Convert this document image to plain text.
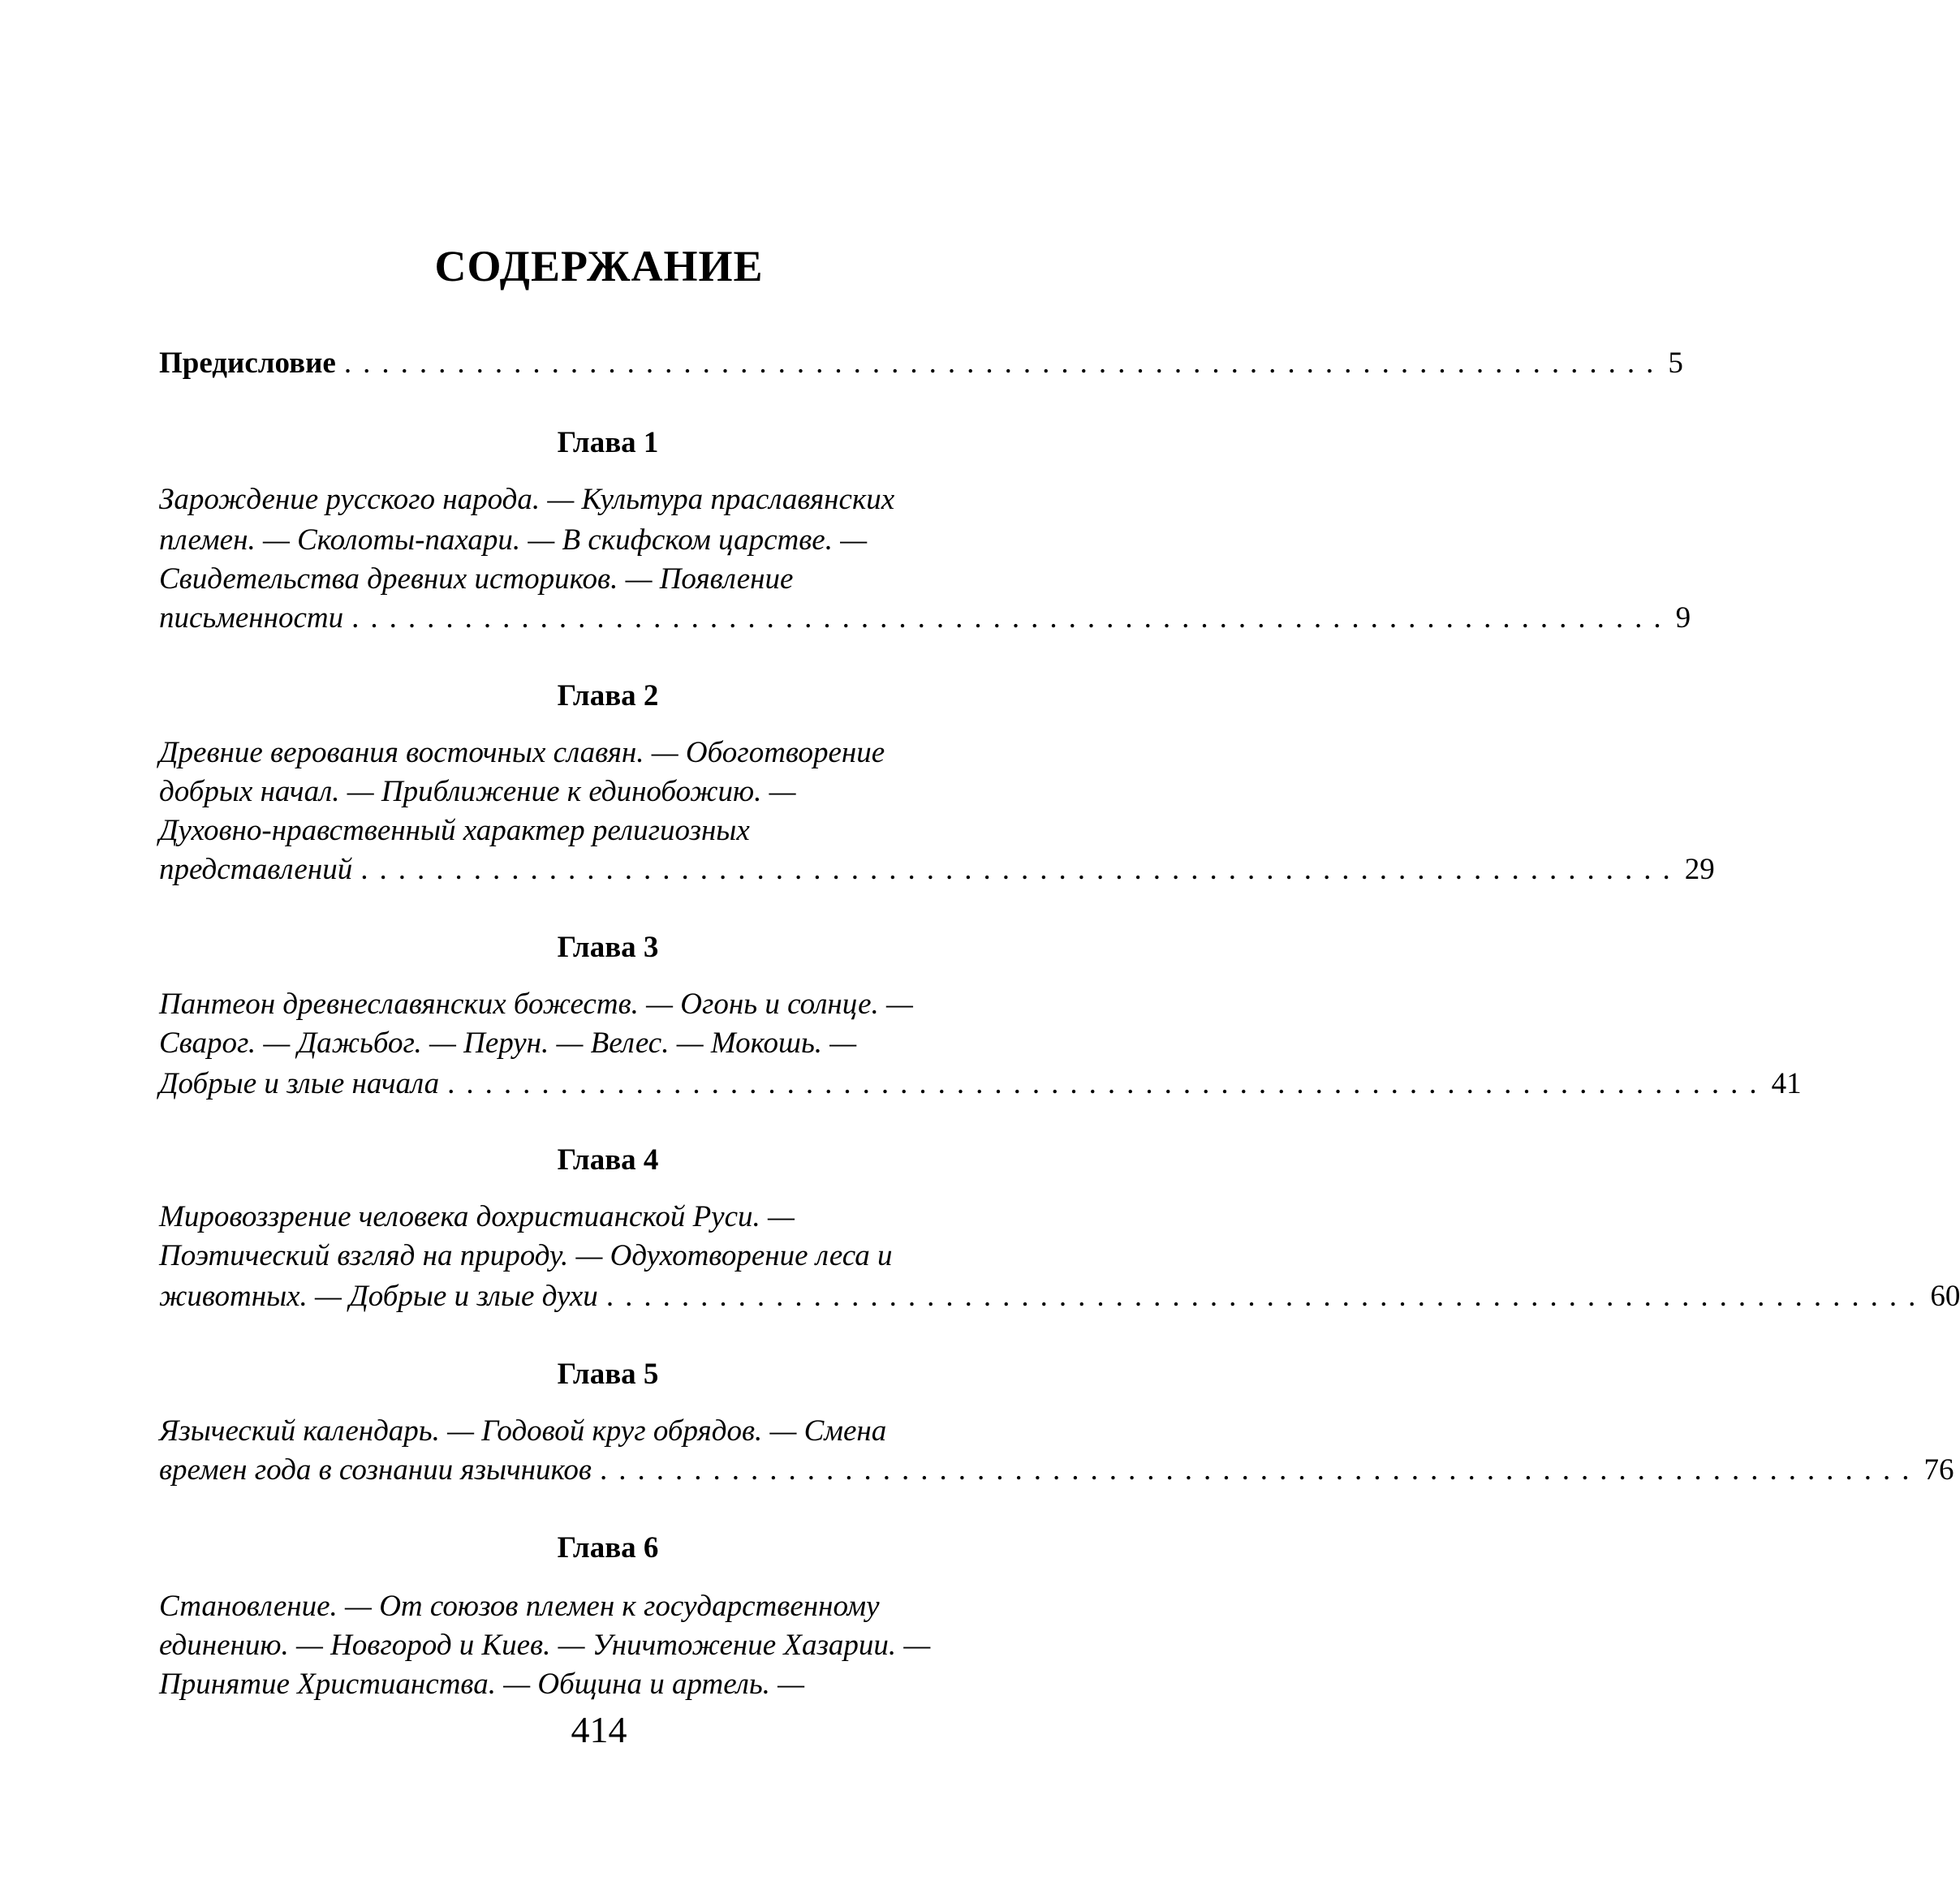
СОДЕРЖАНИЕ
Предисловие ...................................................................... 5
Глава 1
Зарождение русского народа. — Культура праславянских
племен. — Сколоты-пахари. — В скифском царстве. —
Свидетельства древних историков. — Появление
письменности ...................................................................... 9
Глава 2
Древние верования восточных славян. — Обоготворение
добрых начал. — Приближение к единобожию. —
Духовно-нравственный характер религиозных
представлений ...................................................................... 29
Глава 3
Пантеон древнеславянских божеств. — Огонь и солнце. —
Сварог. — Дажьбог. — Перун. — Велес. — Мокошь. —
Добрые и злые начала ...................................................................... 41
Глава 4
Мировоззрение человека дохристианской Руси. —
Поэтический взгляд на природу. — Одухотворение леса и
животных. — Добрые и злые духи ...................................................................... 60
Глава 5
Языческий календарь. — Годовой круг обрядов. — Смена
времен года в сознании язычников ...................................................................... 76
Глава 6
Становление. — От союзов племен к государственному
единению. — Новгород и Киев. — Уничтожение Хазарии. —
Принятие Христианства. — Община и артель. —
414
